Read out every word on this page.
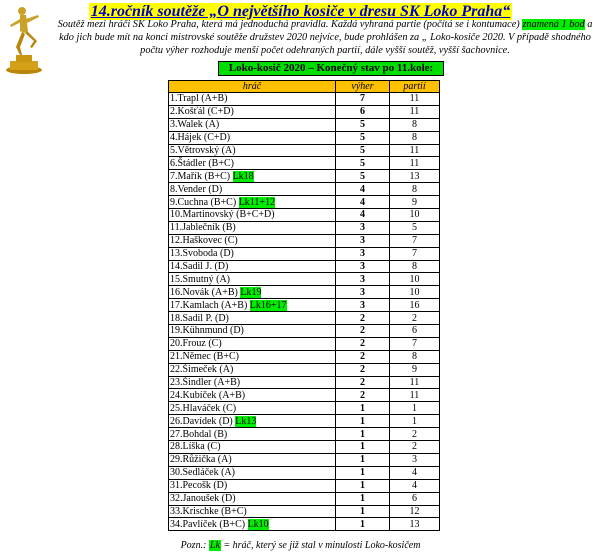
14.ročník soutěže „O největšího kosiče v dresu SK Loko Praha“
Soutěž mezi hráči SK Loko Praha, která má jednoduchá pravidla. Každá vyhraná partie (počítá se i kontumace) znamená 1 bod a kdo jich bude mít na konci mistrovské soutěže družstev 2020 nejvíce, bude prohlášen za „ Loko-kosiče 2020. V případě shodného počtu výher rozhoduje menší počet odehraných partií, dále vyšší soutěž, vyšší šachovnice.
Loko-kosič 2020 – Konečný stav po 11.kole:
hráč	výher	partií
1.Trapl (A+B)	7	11
2.Košťál (C+D)	6	11
3.Walek (A)	5	8
4.Hájek (C+D)	5	8
5.Větrovský (A)	5	11
6.Štádler (B+C)	5	11
7.Mařík (B+C) Lk18	5	13
8.Vender (D)	4	8
9.Cuchna (B+C) Lk11+12	4	9
10.Martinovský (B+C+D)	4	10
11.Jablečník (B)	3	5
12.Haškovec (C)	3	7
13.Svoboda (D)	3	7
14.Sadil J. (D)	3	8
15.Smutný (A)	3	10
16.Novák (A+B) Lk19	3	10
17.Kamlach (A+B) Lk16+17	3	16
18.Sadil P. (D)	2	2
19.Kühnmund (D)	2	6
20.Frouz (C)	2	7
21.Němec (B+C)	2	8
22.Šimeček (A)	2	9
23.Šindler (A+B)	2	11
24.Kubíček (A+B)	2	11
25.Hlaváček (C)	1	1
26.Davídek (D) Lk13	1	1
27.Bohdal (B)	1	2
28.Líška (C)	1	2
29.Růžička (A)	1	3
30.Sedláček (A)	1	4
31.Pecošk (D)	1	4
32.Janoušek (D)	1	6
33.Krischke (B+C)	1	12
34.Pavlíček (B+C) Lk10	1	13
Pozn.: Lk = hráč, který se již stal v minulosti Loko-kosičem
